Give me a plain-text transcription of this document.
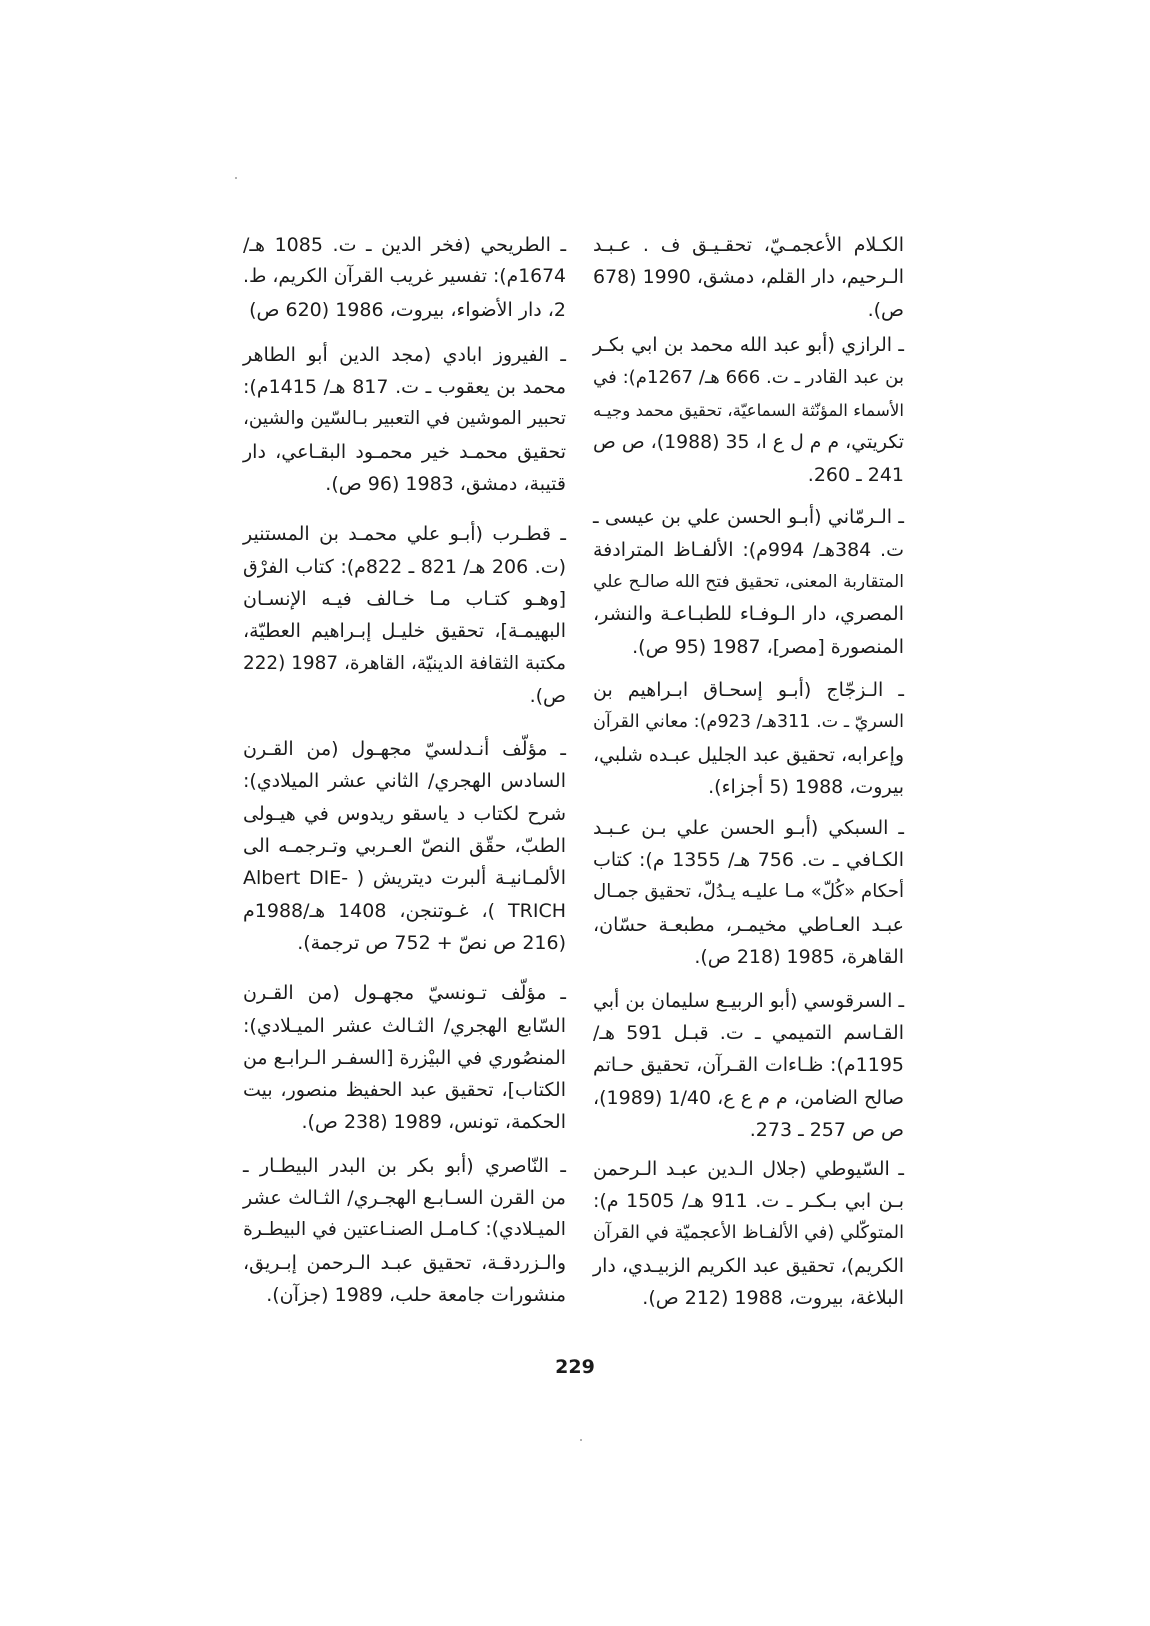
الكـلام الأعجمـيّ، تحقـيـق ف . عـبـد
الـرحيم، دار القلم، دمشق، 1990 (678
ص).
ـ الرازي (أبو عبد الله محمد بن ابي بكـر
بن عبد القادر ـ ت. 666 هـ/ 1267م): في
الأسماء المؤنّثة السماعيّة، تحقيق محمد وجيـه
تكريتي، م م ل ع ا، 35 (1988)، ص ص
241 ـ 260.
ـ الـرمّاني (أبـو الحسن علي بن عيسى ـ
ت. 384هـ/ 994م): الألفـاظ المترادفة
المتقاربة المعنى، تحقيق فتح الله صالـح علي
المصري، دار الـوفـاء للطبـاعـة والنشر،
المنصورة [مصر]، 1987 (95 ص).
ـ الـزجّاج (أبـو إسحـاق ابـراهيم بن
السريّ ـ ت. 311هـ/ 923م): معاني القرآن
وإعرابه، تحقيق عبد الجليل عبـده شلبي،
بيروت، 1988 (5 أجزاء).
ـ السبكي (أبـو الحسن علي بـن عـبـد
الكـافي ـ ت. 756 هـ/ 1355 م): كتاب
أحكام «كُلّ» مـا عليـه يـدُلّ، تحقيق جمـال
عبـد العـاطي مخيمـر، مطبعـة حسّان،
القاهرة، 1985 (218 ص).
ـ السرقوسي (أبو الربيـع سليمان بن أبي
القـاسم التميمي ـ ت. قبـل 591 هـ/
1195م): ظـاءات القـرآن، تحقيق حـاتم
صالح الضامن، م م ع ع، 1/40 (1989)،
ص ص 257 ـ 273.
ـ السّيوطي (جلال الـدين عبـد الـرحمن
بـن ابي بـكـر ـ ت. 911 هـ/ 1505 م):
المتوكّلي (في الألفـاظ الأعجميّة في القرآن
الكريم)، تحقيق عبد الكريم الزبيـدي، دار
البلاغة، بيروت، 1988 (212 ص).
ـ الطريحي (فخر الدين ـ ت. 1085 هـ/
1674م): تفسير غريب القرآن الكريم، ط.
2، دار الأضواء، بيروت، 1986 (620 ص)
ـ الفيروز ابادي (مجد الدين أبو الطاهر
محمد بن يعقوب ـ ت. 817 هـ/ 1415م):
تحبير الموشين في التعبير بـالسّين والشين،
تحقيق محمـد خير محمـود البقـاعي، دار
قتيبة، دمشق، 1983 (96 ص).
ـ قطـرب (أبـو علي محمـد بن المستنير
(ت. 206 هـ/ 821 ـ 822م): كتاب الفرْق
[وهـو كتـاب مـا خـالف فيـه الإنسـان
البهيمـة]، تحقيق خليـل إبـراهيم العطيّة،
مكتبة الثقافة الدينيّة، القاهرة، 1987 (222
ص).
ـ مؤلّف أنـدلسيّ مجهـول (من القـرن
السادس الهجري/ الثاني عشر الميلادي):
شرح لكتاب د ياسقو ريدوس في هيـولى
الطبّ، حقّق النصّ العـربي وتـرجمـه الى
الألمـانيـة ألبرت ديتريش ( -Albert DIE
TRICH )، غـوتنجن، 1408 هـ/1988م
(216 ص نصّ + 752 ص ترجمة).
ـ مؤلّف تـونسيّ مجهـول (من القـرن
السّابع الهجري/ الثـالث عشر الميـلادي):
المنصُوري في البيْزرة [السفـر الـرابـع من
الكتاب]، تحقيق عبد الحفيظ منصور، بيت
الحكمة، تونس، 1989 (238 ص).
ـ النّاصري (أبو بكر بن البدر البيطـار ـ
من القرن السـابـع الهجـري/ الثـالث عشر
الميـلادي): كـامـل الصنـاعتين في البيطـرة
والـزردقـة، تحقيق عبـد الـرحمن إبـريق،
منشورات جامعة حلب، 1989 (جزآن).
229
